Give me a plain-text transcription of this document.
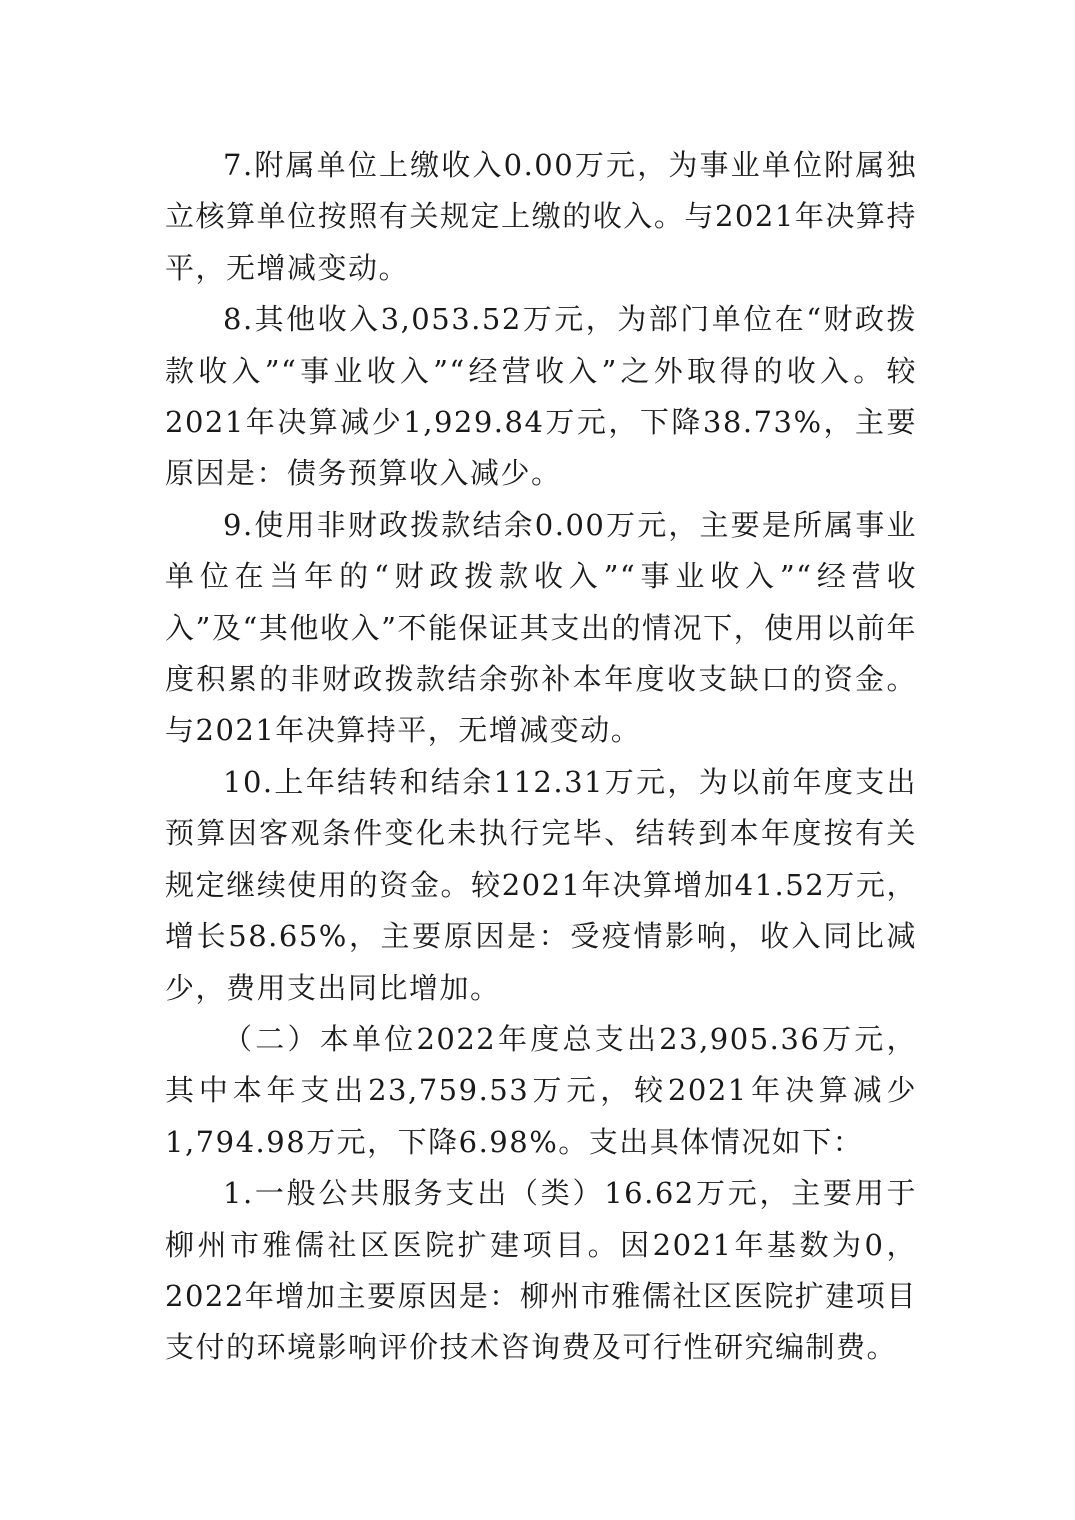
7.附属单位上缴收入0.00万元，为事业单位附属独立核算单位按照有关规定上缴的收入。与2021年决算持平，无增减变动。

8.其他收入3,053.52万元，为部门单位在“财政拨款收入”“事业收入”“经营收入”之外取得的收入。较2021年决算减少1,929.84万元，下降38.73%，主要原因是：债务预算收入减少。

9.使用非财政拨款结余0.00万元，主要是所属事业单位在当年的“财政拨款收入”“事业收入”“经营收入”及“其他收入”不能保证其支出的情况下，使用以前年度积累的非财政拨款结余弥补本年度收支缺口的资金。与2021年决算持平，无增减变动。

10.上年结转和结余112.31万元，为以前年度支出预算因客观条件变化未执行完毕、结转到本年度按有关规定继续使用的资金。较2021年决算增加41.52万元，增长58.65%，主要原因是：受疫情影响，收入同比减少，费用支出同比增加。

（二）本单位2022年度总支出23,905.36万元，其中本年支出23,759.53万元，较2021年决算减少1,794.98万元，下降6.98%。支出具体情况如下：

1.一般公共服务支出（类）16.62万元，主要用于柳州市雅儒社区医院扩建项目。因2021年基数为0，2022年增加主要原因是：柳州市雅儒社区医院扩建项目支付的环境影响评价技术咨询费及可行性研究编制费。
